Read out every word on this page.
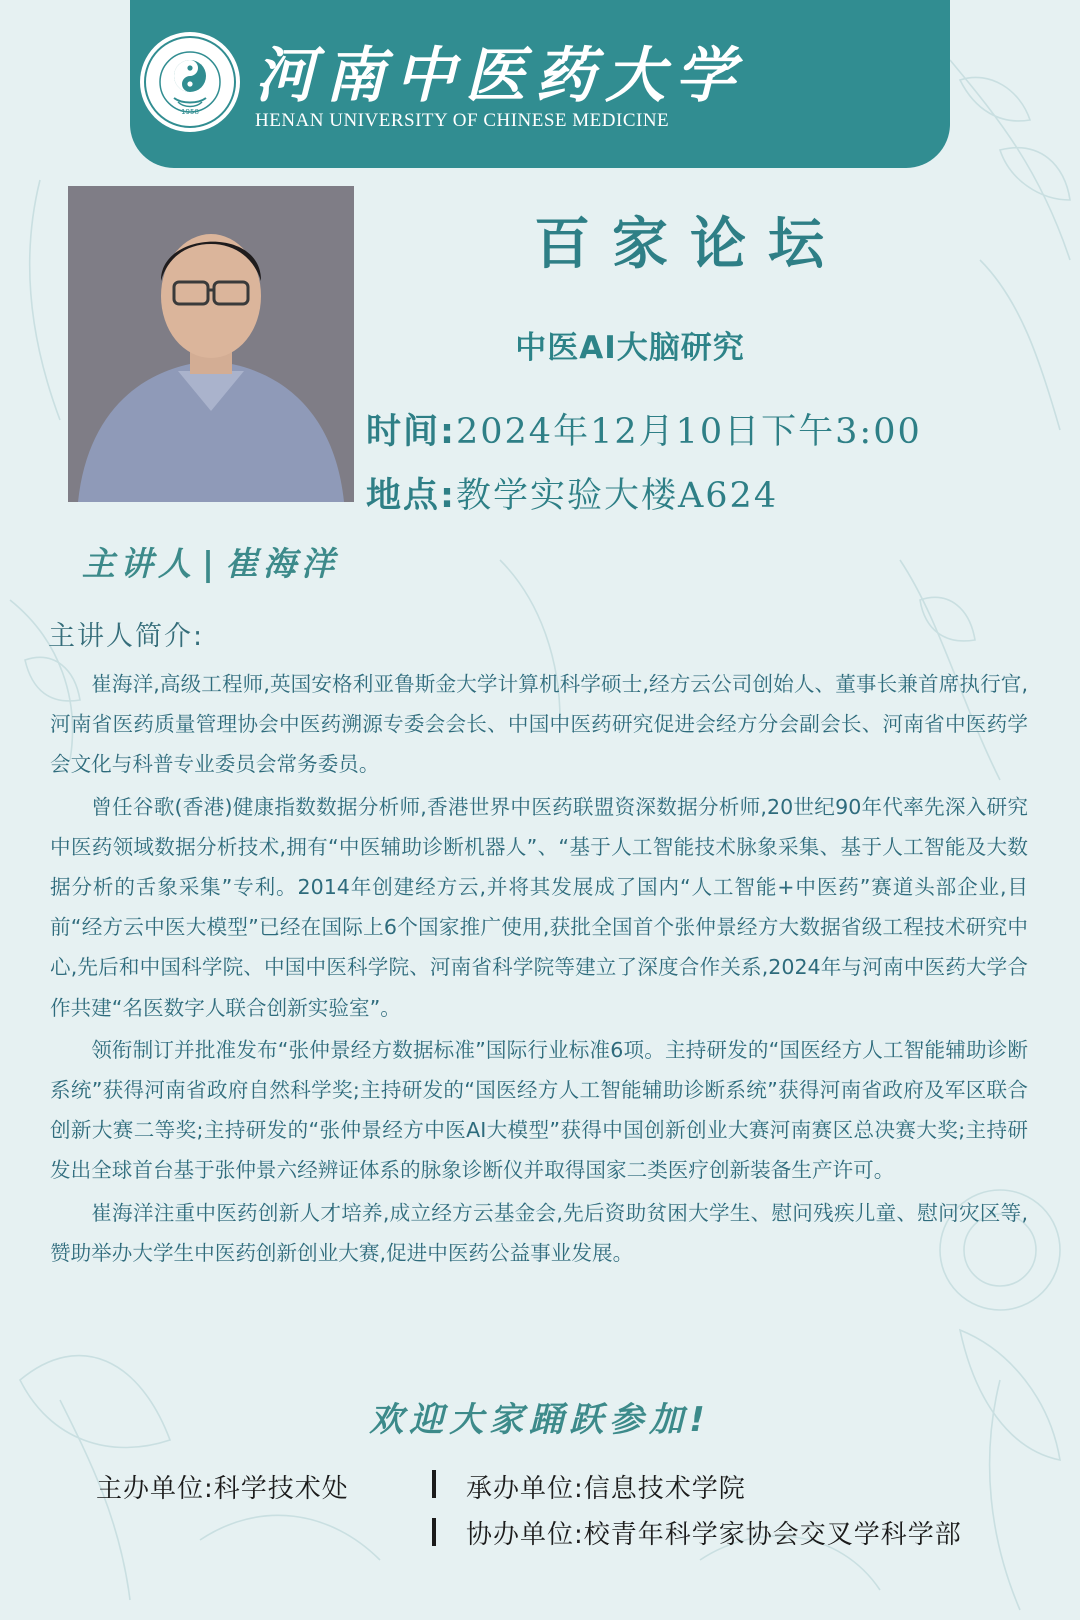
1958
河南中医药大学
HENAN UNIVERSITY OF CHINESE MEDICINE
百家论坛
中医AI大脑研究
时间:2024年12月10日下午3:00
地点:教学实验大楼A624
主讲人 | 崔海洋
主讲人简介:

崔海洋,高级工程师,英国安格利亚鲁斯金大学计算机科学硕士,经方云公司创始人、董事长兼首席执行官,河南省医药质量管理协会中医药溯源专委会会长、中国中医药研究促进会经方分会副会长、河南省中医药学会文化与科普专业委员会常务委员。

曾任谷歌(香港)健康指数数据分析师,香港世界中医药联盟资深数据分析师,20世纪90年代率先深入研究中医药领域数据分析技术,拥有“中医辅助诊断机器人”、“基于人工智能技术脉象采集、基于人工智能及大数据分析的舌象采集”专利。2014年创建经方云,并将其发展成了国内“人工智能+中医药”赛道头部企业,目前“经方云中医大模型”已经在国际上6个国家推广使用,获批全国首个张仲景经方大数据省级工程技术研究中心,先后和中国科学院、中国中医科学院、河南省科学院等建立了深度合作关系,2024年与河南中医药大学合作共建“名医数字人联合创新实验室”。

领衔制订并批准发布“张仲景经方数据标准”国际行业标准6项。主持研发的“国医经方人工智能辅助诊断系统”获得河南省政府自然科学奖;主持研发的“国医经方人工智能辅助诊断系统”获得河南省政府及军区联合创新大赛二等奖;主持研发的“张仲景经方中医AI大模型”获得中国创新创业大赛河南赛区总决赛大奖;主持研发出全球首台基于张仲景六经辨证体系的脉象诊断仪并取得国家二类医疗创新装备生产许可。

崔海洋注重中医药创新人才培养,成立经方云基金会,先后资助贫困大学生、慰问残疾儿童、慰问灾区等,赞助举办大学生中医药创新创业大赛,促进中医药公益事业发展。

欢迎大家踊跃参加!
主办单位:科学技术处	承办单位:信息技术学院
协办单位:校青年科学家协会交叉学科学部
